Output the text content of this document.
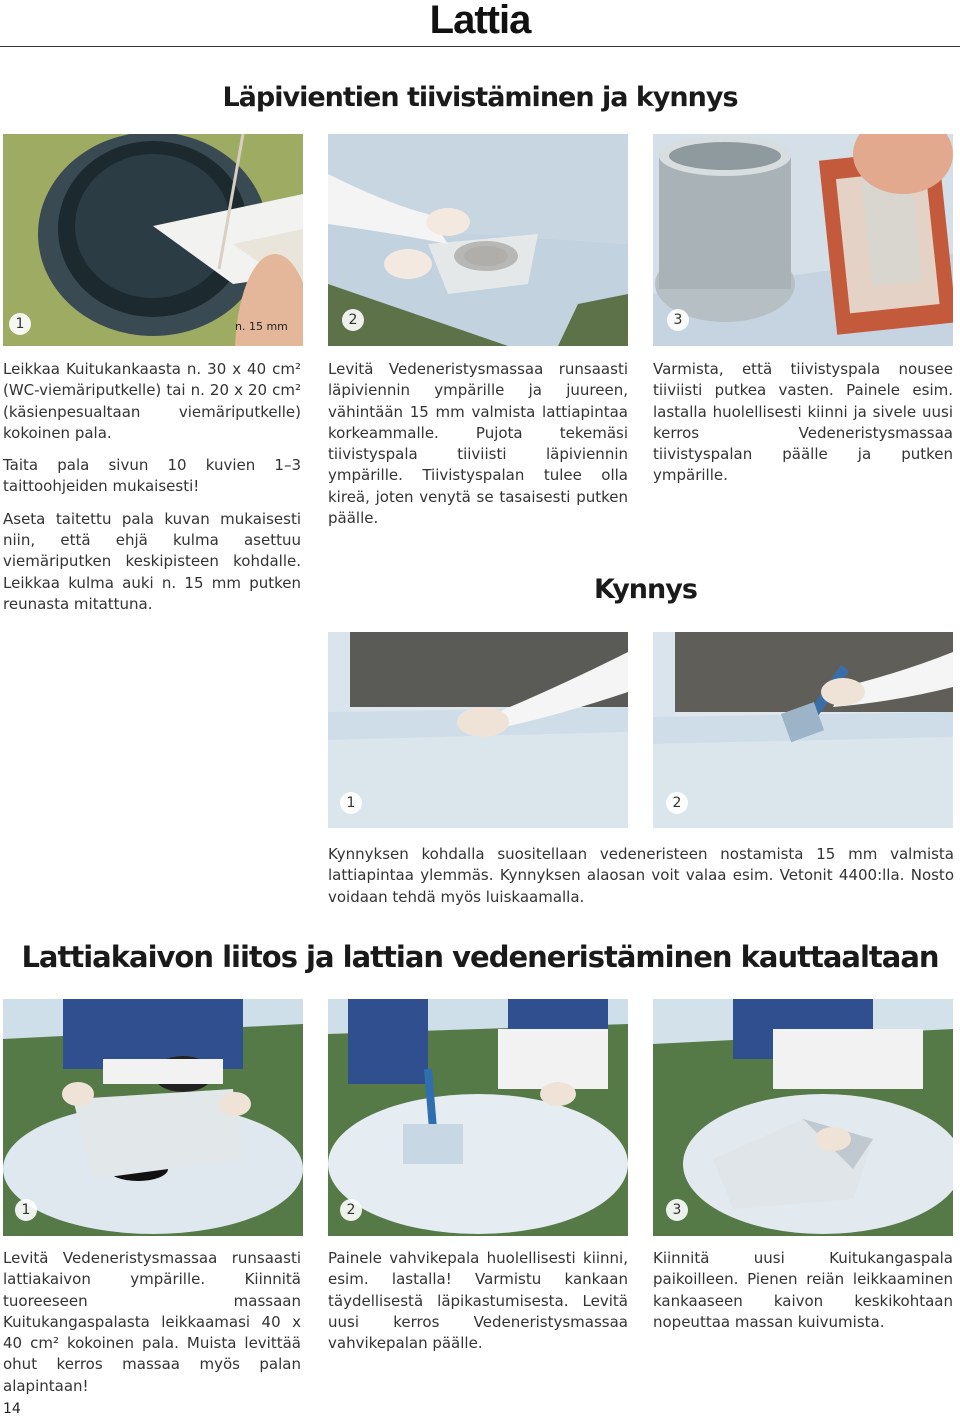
Lattia
Läpivientien tiivistäminen ja kynnys
1	n. 15 mm	2	3

Leikkaa Kuitukankaasta n. 30 x 40 cm² (WC-viemäriputkelle) tai n. 20 x 20 cm² (käsienpesualtaan viemäriputkelle) kokoinen pala.

Taita pala sivun 10 kuvien 1–3 taittoohjeiden mukaisesti!

Aseta taitettu pala kuvan mukaisesti niin, että ehjä kulma asettuu viemäriputken keskipisteen kohdalle. Leikkaa kulma auki n. 15 mm putken reunasta mitattuna.

Levitä Vedeneristysmassaa runsaasti läpiviennin ympärille ja juureen, vähintään 15 mm valmista lattiapintaa korkeammalle. Pujota tekemäsi tiivistyspala tiiviisti läpiviennin ympärille. Tiivistyspalan tulee olla kireä, joten venytä se tasaisesti putken päälle.
Varmista, että tiivistyspala nousee tiiviisti putkea vasten. Painele esim. lastalla huolellisesti kiinni ja sivele uusi kerros Vedeneristysmassaa tiivistyspalan päälle ja putken ympärille.
Kynnys
1	2
Kynnyksen kohdalla suositellaan vedeneristeen nostamista 15 mm valmista lattiapintaa ylemmäs. Kynnyksen alaosan voit valaa esim. Vetonit 4400:lla. Nosto voidaan tehdä myös luiskaamalla.
Lattiakaivon liitos ja lattian vedeneristäminen kauttaaltaan
1	2	3
Levitä Vedeneristysmassaa runsaasti lattiakaivon ympärille. Kiinnitä tuoreeseen massaan Kuitukangaspalasta leikkaamasi 40 x 40 cm² kokoinen pala. Muista levittää ohut kerros massaa myös palan alapintaan!
Painele vahvikepala huolellisesti kiinni, esim. lastalla! Varmistu kankaan täydellisestä läpikastumisesta. Levitä uusi kerros Vedeneristysmassaa vahvikepalan päälle.
Kiinnitä uusi Kuitukangaspala paikoilleen. Pienen reiän leikkaaminen kankaaseen kaivon keskikohtaan nopeuttaa massan kuivumista.
14
